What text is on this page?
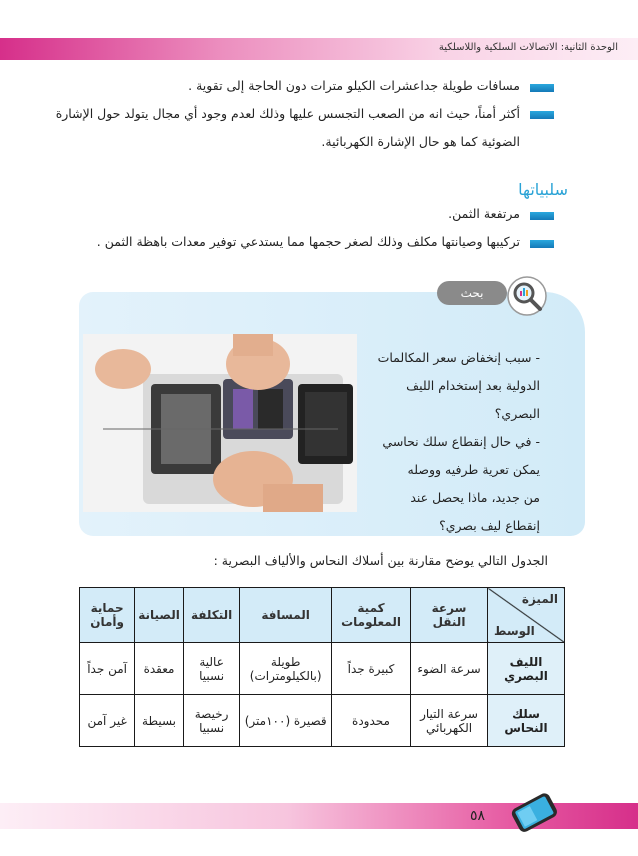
الوحدة الثانية: الاتصالات السلكية واللاسلكية
مسافات طويلة جداعشرات الكيلو مترات دون الحاجة إلى تقوية .
أكثر أمناً، حيث انه من الصعب التجسس عليها وذلك لعدم وجود أي مجال يتولد حول الإشارة
الضوئية كما هو حال الإشارة الكهربائية.
سلبياتها
مرتفعة الثمن.
تركيبها وصيانتها مكلف وذلك لصغر حجمها مما يستدعي توفير معدات باهظة الثمن .
بحث
- سبب إنخفاض سعر المكالمات
الدولية بعد إستخدام الليف
البصري؟
- في حال إنقطاع سلك نحاسي
يمكن تعرية طرفيه ووصله
من جديد، ماذا يحصل عند
إنقطاع ليف بصري؟
الجدول التالي يوضح مقارنة بين أسلاك النحاس والألياف البصرية :
الميزة
الوسط	سرعة النقل	كمية المعلومات	المسافة	التكلفة	الصيانة	حماية وأمان
الليف البصري	سرعة الضوء	كبيرة جداً	طويلة (بالكيلومترات)	عالية نسبيا	معقدة	آمن جداً
سلك النحاس	سرعة التيار الكهربائي	محدودة	قصيرة (١٠٠متر)	رخيصة نسبيا	بسيطة	غير آمن
٥٨
